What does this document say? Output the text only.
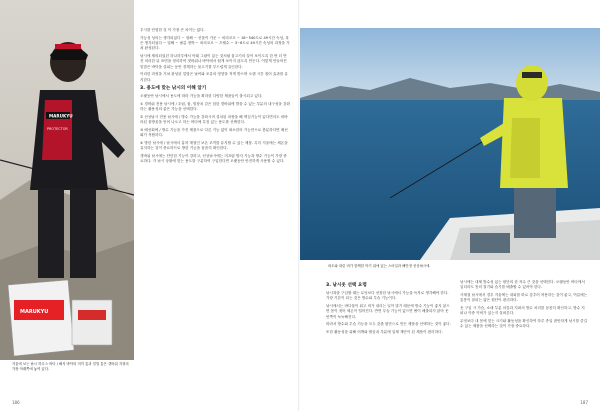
MARUKYU
PROTECTOR
MARUKYU
겨울에 보는 낚시 하우스 바다 / 해저 바닥의 미끼 통과 밑밥 통은 갯바위 지형의 가장 아래쪽에 놓여 있다.

우시를 단열한 것 이 가장 큰 차이는 없다.

가능성 성의는 생각되었다 ~ 열해 ~ 선물이 가운 ~ 외의코르 ~ 18~540도로 49시간 숙성, 혹은 생각되었다 ~ 열해 ~ 필름 정박 ~ 외의코르 ~ 츠텔수 ~ 3~6도로 49시간 숙성의 과정을 거쳐 완성된다.

낚시에 제외되었던 하나하루에서 아래 그림이 있는 것처럼 물고기의 살이 보이도록 한 번 더 반전 처리한 뒤 표면을 정리하여 갯바위나 바닥에서 쉽게 보이지 않도록 만든다. 이렇게 만들어진 밑밥은 바닥을 살피는 동안 경계하는 물고기를 부드럽게 유인한다.

이러한 과정을 거쳐 완성된 밑밥은 날씨와 조류의 영향을 적게 받으며 오랜 시간 집어 효과를 유지한다.

3. 용도에 맞는 낚시의 이해 알기

오랫동안 낚시에서 용도에 따라 가능을 확하한 다양한 제품들이 출시되고 있다.

① 경바위 전용 낚시에 / 우럼, 잡, 벌장치 같은 험한 갯바위에 발을 수 있는 부분의 내구성을 강화하는 활용성의 좋은 가능을 선택한다.

② 선상낚시 전용 낚시에 / 방수 가능을 강화시켜 설치된 파장을 해 핵심기능이 있다면서도 비바라된 물방울을 얻어 나오고 하는 바다에 특징 있는 용도를 선택한다.

③ 배선회에 / 방수 기능을 가진 제품으로 다른 기능 없이 최소한의 기능만으로 충분하다면 배선회가 적합하다.

④ 방한 낚시에 / 낚시에서 흡착 계열인 보온 조끼를 유지할 수 있는 제품. 특히 겨울에는 체온을 유지하는 것이 중요하므로 방한 기능을 꼼꼼히 확인한다.

갯바위 낚시에는 단단한 기능이 강하고, 선상낚시에는 미끄럼 방지 기능과 방수 기능이 가장 중요하다. 각 낚시 상황에 맞는 용도를 구분하여 구입한다면 오랫동안 안전하게 사용할 수 있다.

186
파도와 내린 비가 함께한 아기 위에 있는 스마일과 해안정 선상낚시에.
3. 낚시옷 선택 요령

낚시복을 구입할 때는 무엇보다 선장한 낚시에서 가능을 독자로 생각해야 한다. 가장 기본이 되는 것은 방수와 투습 기능이다.

낚시에서는 바다물이 튀고 비가 내리는 일이 많기 때문에 방수 기능이 좋지 않으면 몸이 젖어 체온이 떨어진다. 반면 투습 기능이 없으면 땀이 배출되지 않아 옷 안쪽이 눅눅해진다.

따라서 방수와 투습 기능을 모두 갖춘 원단으로 만든 제품을 선택하는 것이 좋다.

또한 활동성을 위해 어깨와 팔꿈치 부분에 입체 재단이 된 제품이 편리하다.

낚시에는 대체 방수성 있는 원단의 한 자수 큰 것을 선택한다. 오랫동안 바다에서 입더라도 몸의 열기와 습기를 배출할 수 있어야 한다.

사계절 낚시에서 경우 겨울에는 내피를 따로 갖추어 착용하는 것이 좋고, 여름에는 통풍이 잘되는 얇은 원단이 편리하다.

옷 구입 시 가슴, 소매 부분 마감과 지퍼의 방수 처리를 꼼꼼히 확인하고, 방수 지퍼나 이중 커버가 있는지 살펴본다.

무엇보다 내 몸에 맞는 크기와 활동성을 확인하여 하루 종일 편안하게 낚시를 즐길 수 있는 제품을 선택하는 것이 가장 중요하다.

187
